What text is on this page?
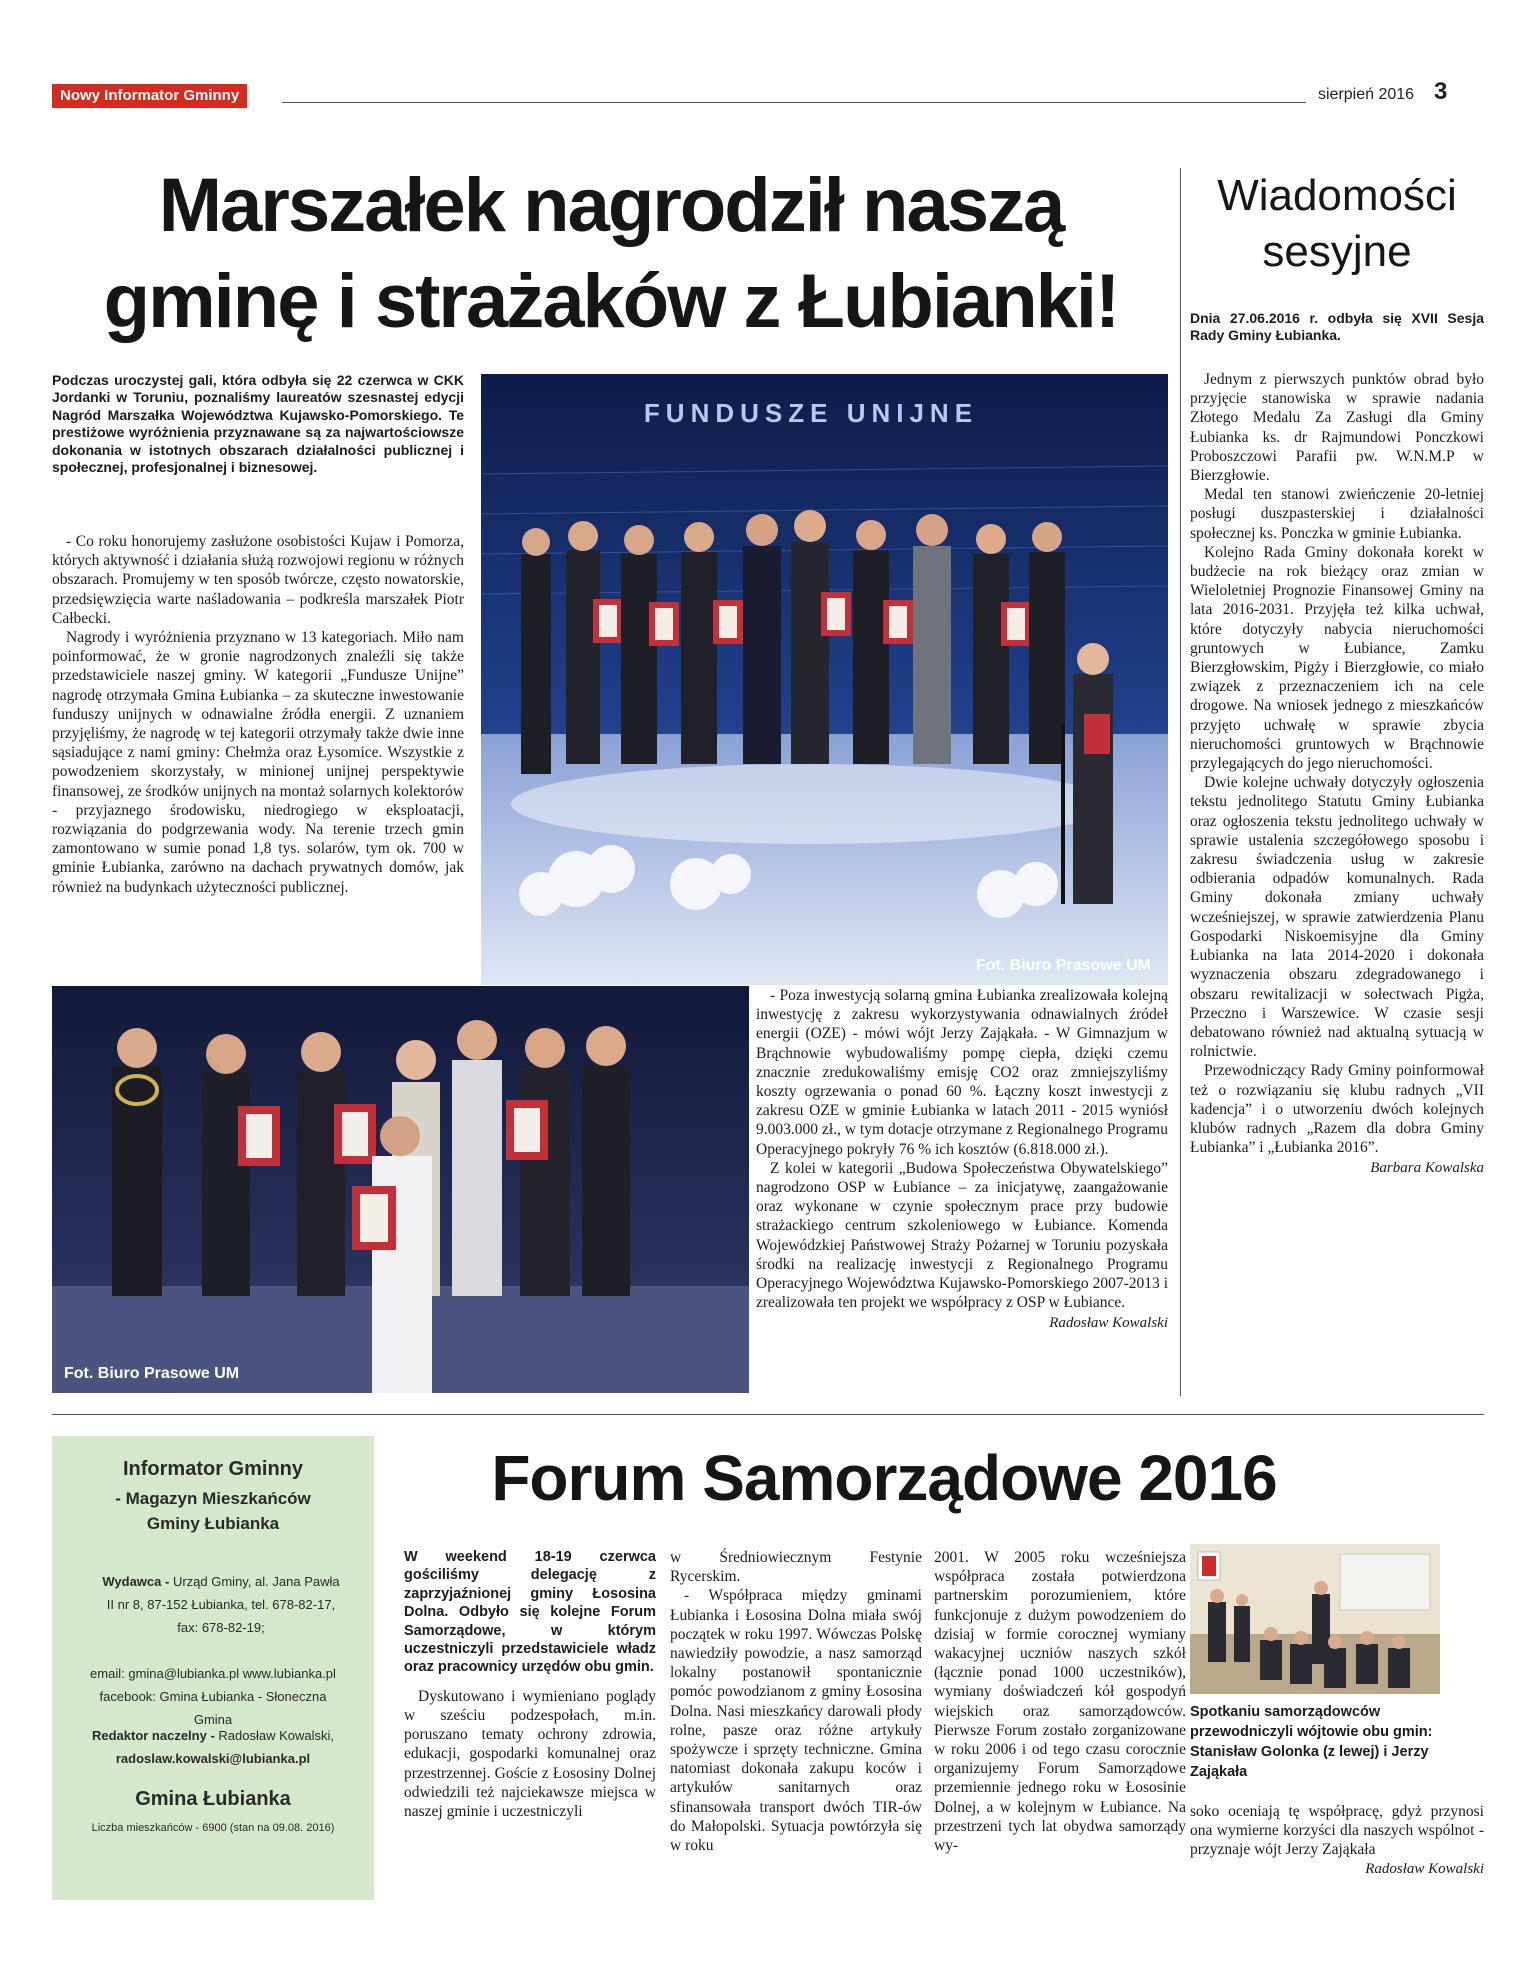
Nowy Informator Gminny	sierpień 2016 3
Marszałek nagrodził naszą gminę i strażaków z Łubianki!
Podczas uroczystej gali, która odbyła się 22 czerwca w CKK Jordanki w Toruniu, poznaliśmy laureatów szesnastej edycji Nagród Marszałka Województwa Kujawsko-Pomorskiego. Te prestiżowe wyróżnienia przyznawane są za najwartościowsze dokonania w istotnych obszarach działalności publicznej i społecznej, profesjonalnej i biznesowej.

- Co roku honorujemy zasłużone osobistości Kujaw i Pomorza, których aktywność i działania służą rozwojowi regionu w różnych obszarach. Promujemy w ten sposób twórcze, często nowatorskie, przedsięwzięcia warte naśladowania – podkreśla marszałek Piotr Całbecki.

Nagrody i wyróżnienia przyznano w 13 kategoriach. Miło nam poinformować, że w gronie nagrodzonych znaleźli się także przedstawiciele naszej gminy. W kategorii „Fundusze Unijne” nagrodę otrzymała Gmina Łubianka – za skuteczne inwestowanie funduszy unijnych w odnawialne źródła energii. Z uznaniem przyjęliśmy, że nagrodę w tej kategorii otrzymały także dwie inne sąsiadujące z nami gminy: Chełmża oraz Łysomice. Wszystkie z powodzeniem skorzystały, w minionej unijnej perspektywie finansowej, ze środków unijnych na montaż solarnych kolektorów - przyjaznego środowisku, niedrogiego w eksploatacji, rozwiązania do podgrzewania wody. Na terenie trzech gmin zamontowano w sumie ponad 1,8 tys. solarów, tym ok. 700 w gminie Łubianka, zarówno na dachach prywatnych domów, jak również na budynkach użyteczności publicznej.

FUNDUSZE UNIJNE
Fot. Biuro Prasowe UM
Fot. Biuro Prasowe UM

- Poza inwestycją solarną gmina Łubianka zrealizowała kolejną inwestycję z zakresu wykorzystywania odnawialnych źródeł energii (OZE) - mówi wójt Jerzy Zająkała. - W Gimnazjum w Brąchnowie wybudowaliśmy pompę ciepła, dzięki czemu znacznie zredukowaliśmy emisję CO2 oraz zmniejszyliśmy koszty ogrzewania o ponad 60 %. Łączny koszt inwestycji z zakresu OZE w gminie Łubianka w latach 2011 - 2015 wyniósł 9.003.000 zł., w tym dotacje otrzymane z Regionalnego Programu Operacyjnego pokryły 76 % ich kosztów (6.818.000 zł.).

Z kolei w kategorii „Budowa Społeczeństwa Obywatelskiego” nagrodzono OSP w Łubiance – za inicjatywę, zaangażowanie oraz wykonane w czynie społecznym prace przy budowie strażackiego centrum szkoleniowego w Łubiance. Komenda Wojewódzkiej Państwowej Straży Pożarnej w Toruniu pozyskała środki na realizację inwestycji z Regionalnego Programu Operacyjnego Województwa Kujawsko-Pomorskiego 2007-2013 i zrealizowała ten projekt we współpracy z OSP w Łubiance.

Radosław Kowalski
Wiadomości sesyjne
Dnia 27.06.2016 r. odbyła się XVII Sesja Rady Gminy Łubianka.

Jednym z pierwszych punktów obrad było przyjęcie stanowiska w sprawie nadania Złotego Medalu Za Zasługi dla Gminy Łubianka ks. dr Rajmundowi Ponczkowi Proboszczowi Parafii pw. W.N.M.P w Bierzgłowie.

Medal ten stanowi zwieńczenie 20-letniej posługi duszpasterskiej i działalności społecznej ks. Ponczka w gminie Łubianka.

Kolejno Rada Gminy dokonała korekt w budżecie na rok bieżący oraz zmian w Wieloletniej Prognozie Finansowej Gminy na lata 2016-2031. Przyjęła też kilka uchwał, które dotyczyły nabycia nieruchomości gruntowych w Łubiance, Zamku Bierzgłowskim, Pigży i Bierzgłowie, co miało związek z przeznaczeniem ich na cele drogowe. Na wniosek jednego z mieszkańców przyjęto uchwałę w sprawie zbycia nieruchomości gruntowych w Brąchnowie przylegających do jego nieruchomości.

Dwie kolejne uchwały dotyczyły ogłoszenia tekstu jednolitego Statutu Gminy Łubianka oraz ogłoszenia tekstu jednolitego uchwały w sprawie ustalenia szczegółowego sposobu i zakresu świadczenia usług w zakresie odbierania odpadów komunalnych. Rada Gminy dokonała zmiany uchwały wcześniejszej, w sprawie zatwierdzenia Planu Gospodarki Niskoemisyjne dla Gminy Łubianka na lata 2014-2020 i dokonała wyznaczenia obszaru zdegradowanego i obszaru rewitalizacji w sołectwach Pigża, Przeczno i Warszewice. W czasie sesji debatowano również nad aktualną sytuacją w rolnictwie.

Przewodniczący Rady Gminy poinformował też o rozwiązaniu się klubu radnych „VII kadencja” i o utworzeniu dwóch kolejnych klubów radnych „Razem dla dobra Gminy Łubianka” i „Łubianka 2016”.

Barbara Kowalska
Informator Gminny
- Magazyn Mieszkańców
Gminy Łubianka
Wydawca - Urząd Gminy, al. Jana Pawła II nr 8, 87-152 Łubianka, tel. 678-82-17, fax: 678-82-19;
email: gmina@lubianka.pl www.lubianka.pl
facebook: Gmina Łubianka - Słoneczna Gmina
Redaktor naczelny - Radosław Kowalski,
radoslaw.kowalski@lubianka.pl
Gmina Łubianka
Liczba mieszkańców - 6900 (stan na 09.08. 2016)
Forum Samorządowe 2016
W weekend 18-19 czerwca gościliśmy delegację z zaprzyjaźnionej gminy Łososina Dolna. Odbyło się kolejne Forum Samorządowe, w którym uczestniczyli przedstawiciele władz oraz pracownicy urzędów obu gmin.

Dyskutowano i wymieniano poglądy w sześciu podzespołach, m.in. poruszano tematy ochrony zdrowia, edukacji, gospodarki komunalnej oraz przestrzennej. Goście z Łososiny Dolnej odwiedzili też najciekawsze miejsca w naszej gminie i uczestniczyli

w Średniowiecznym Festynie Rycerskim.

- Współpraca między gminami Łubianka i Łososina Dolna miała swój początek w roku 1997. Wówczas Polskę nawiedziły powodzie, a nasz samorząd lokalny postanowił spontanicznie pomóc powodzianom z gminy Łososina Dolna. Nasi mieszkańcy darowali płody rolne, pasze oraz różne artykuły spożywcze i sprzęty techniczne. Gmina natomiast dokonała zakupu koców i artykułów sanitarnych oraz sfinansowała transport dwóch TIR-ów do Małopolski. Sytuacja powtórzyła się w roku

2001. W 2005 roku wcześniejsza współpraca została potwierdzona partnerskim porozumieniem, które funkcjonuje z dużym powodzeniem do dzisiaj w formie corocznej wymiany wakacyjnej uczniów naszych szkół (łącznie ponad 1000 uczestników), wymiany doświadczeń kół gospodyń wiejskich oraz samorządowców. Pierwsze Forum zostało zorganizowane w roku 2006 i od tego czasu corocznie organizujemy Forum Samorządowe przemiennie jednego roku w Łososinie Dolnej, a w kolejnym w Łubiance. Na przestrzeni tych lat obydwa samorządy wy-
Spotkaniu samorządowców przewodniczyli wójtowie obu gmin: Stanisław Golonka (z lewej) i Jerzy Zająkała
soko oceniają tę współpracę, gdyż przynosi ona wymierne korzyści dla naszych wspólnot - przyznaje wójt Jerzy Zająkała
Radosław Kowalski
